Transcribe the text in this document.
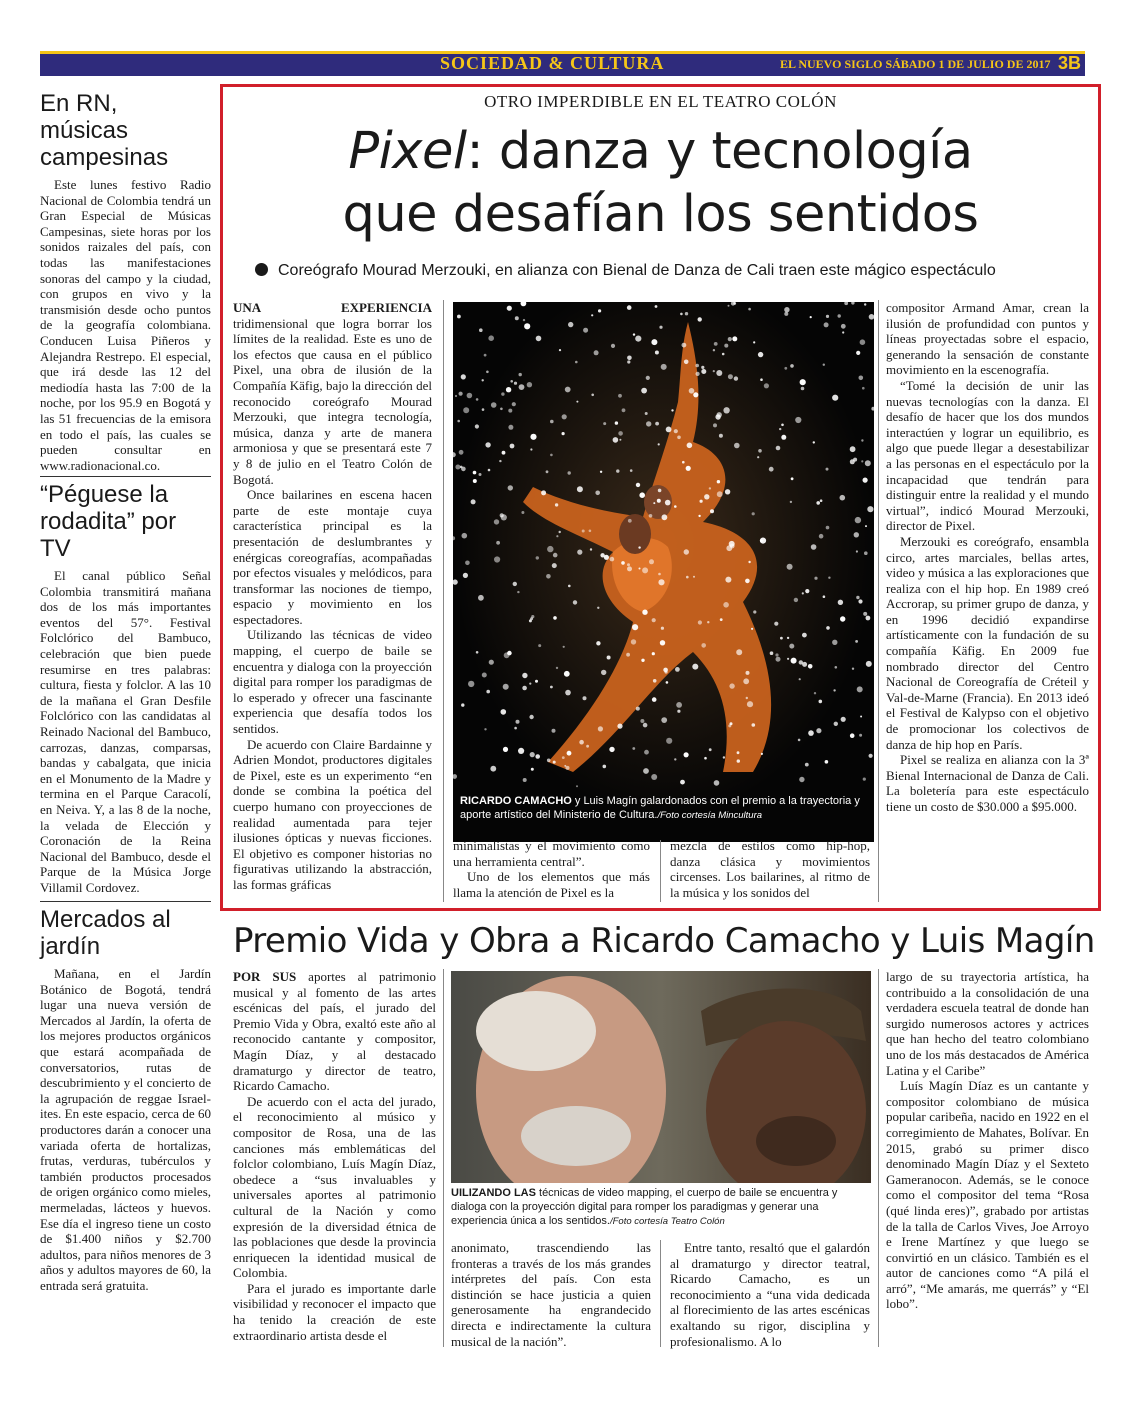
SOCIEDAD & CULTURA	EL NUEVO SIGLO SÁBADO 1 DE JULIO DE 2017 3B
En RN, músicas campesinas

Este lunes festivo Radio Nacional de Colombia tendrá un Gran Especial de Músicas Campesinas, siete horas por los sonidos raizales del país, con todas las manifestaciones sonoras del campo y la ciudad, con grupos en vivo y la transmisión desde ocho puntos de la geografía colombiana. Conducen Luisa Piñeros y Alejandra Restrepo. El especial, que irá desde las 12 del mediodía hasta las 7:00 de la noche, por los 95.9 en Bogotá y las 51 frecuencias de la emisora en todo el país, las cuales se pueden consultar en www.radionacional.co.

“Péguese la rodadita” por TV

El canal público Señal Colombia transmitirá mañana dos de los más importantes eventos del 57°. Festival Folclórico del Bambuco, celebración que bien puede resumirse en tres palabras: cultura, fiesta y folclor. A las 10 de la mañana el Gran Desfile Folclórico con las candidatas al Reinado Nacional del Bambuco, carrozas, danzas, comparsas, bandas y cabalgata, que inicia en el Monumento de la Madre y termina en el Parque Caracolí, en Neiva. Y, a las 8 de la noche, la velada de Elección y Coronación de la Reina Nacional del Bambuco, desde el Parque de la Música Jorge Villamil Cordovez.

Mercados al jardín

Mañana, en el Jardín Botánico de Bogotá, tendrá lugar una nueva versión de Mercados al Jardín, la oferta de los mejores productos orgánicos que estará acompañada de conversatorios, rutas de descubrimiento y el concierto de la agrupación de reggae Israel-ites. En este espacio, cerca de 60 productores darán a conocer una variada oferta de hortalizas, frutas, verduras, tubérculos y también productos procesados de origen orgánico como mieles, mermeladas, lácteos y huevos. Ese día el ingreso tiene un costo de $1.400 niños y $2.700 adultos, para niños menores de 3 años y adultos mayores de 60, la entrada será gratuita.

OTRO IMPERDIBLE EN EL TEATRO COLÓN
Pixel: danza y tecnología
que desafían los sentidos
Coreógrafo Mourad Merzouki, en alianza con Bienal de Danza de Cali traen este mágico espectáculo

UNA EXPERIENCIA tridimensional que logra borrar los límites de la realidad. Este es uno de los efectos que causa en el público Pixel, una obra de ilusión de la Compañía Käfig, bajo la dirección del reconocido coreógrafo Mourad Merzouki, que integra tecnología, música, danza y arte de manera armoniosa y que se presentará este 7 y 8 de julio en el Teatro Colón de Bogotá.

Once bailarines en escena hacen parte de este montaje cuya característica principal es la presentación de deslumbrantes y enérgicas coreografías, acompañadas por efectos visuales y melódicos, para transformar las nociones de tiempo, espacio y movimiento en los espectadores.

Utilizando las técnicas de video mapping, el cuerpo de baile se encuentra y dialoga con la proyección digital para romper los paradigmas de lo esperado y ofrecer una fascinante experiencia que desafía todos los sentidos.

De acuerdo con Claire Bardainne y Adrien Mondot, productores digitales de Pixel, este es un experimento “en donde se combina la poética del cuerpo humano con proyecciones de realidad aumentada para tejer ilusiones ópticas y nuevas ficciones. El objetivo es componer historias no figurativas utilizando la abstracción, las formas gráficas

RICARDO CAMACHO y Luis Magín galardonados con el premio a la trayectoria y aporte artístico del Ministerio de Cultura./Foto cortesía Mincultura

minimalistas y el movimiento como una herramienta central”.

Uno de los elementos que más llama la atención de Pixel es la

mezcla de estilos como hip-hop, danza clásica y movimientos circenses. Los bailarines, al ritmo de la música y los sonidos del

compositor Armand Amar, crean la ilusión de profundidad con puntos y líneas proyectadas sobre el espacio, generando la sensación de constante movimiento en la escenografía.

“Tomé la decisión de unir las nuevas tecnologías con la danza. El desafío de hacer que los dos mundos interactúen y lograr un equilibrio, es algo que puede llegar a desestabilizar a las personas en el espectáculo por la incapacidad que tendrán para distinguir entre la realidad y el mundo virtual”, indicó Mourad Merzouki, director de Pixel.

Merzouki es coreógrafo, ensambla circo, artes marciales, bellas artes, video y música a las exploraciones que realiza con el hip hop. En 1989 creó Accrorap, su primer grupo de danza, y en 1996 decidió expandirse artísticamente con la fundación de su compañía Käfig. En 2009 fue nombrado director del Centro Nacional de Coreografía de Créteil y Val-de-Marne (Francia). En 2013 ideó el Festival de Kalypso con el objetivo de promocionar los colectivos de danza de hip hop en París.

Pixel se realiza en alianza con la 3ª Bienal Internacional de Danza de Cali. La boletería para este espectáculo tiene un costo de $30.000 a $95.000.

Premio Vida y Obra a Ricardo Camacho y Luis Magín

POR SUS aportes al patrimonio musical y al fomento de las artes escénicas del país, el jurado del Premio Vida y Obra, exaltó este año al reconocido cantante y compositor, Magín Díaz, y al destacado dramaturgo y director de teatro, Ricardo Camacho.

De acuerdo con el acta del jurado, el reconocimiento al músico y compositor de Rosa, una de las canciones más emblemáticas del folclor colombiano, Luís Magín Díaz, obedece a “sus invaluables y universales aportes al patrimonio cultural de la Nación y como expresión de la diversidad étnica de las poblaciones que desde la provincia enriquecen la identidad musical de Colombia.

Para el jurado es importante darle visibilidad y reconocer el impacto que ha tenido la creación de este extraordinario artista desde el

UILIZANDO LAS técnicas de video mapping, el cuerpo de baile se encuentra y dialoga con la proyección digital para romper los paradigmas y generar una experiencia única a los sentidos./Foto cortesía Teatro Colón

anonimato, trascendiendo las fronteras a través de los más grandes intérpretes del país. Con esta distinción se hace justicia a quien generosamente ha engrandecido directa e indirectamente la cultura musical de la nación”.

Entre tanto, resaltó que el galardón al dramaturgo y director teatral, Ricardo Camacho, es un reconocimiento a “una vida dedicada al florecimiento de las artes escénicas exaltando su rigor, disciplina y profesionalismo. A lo

largo de su trayectoria artística, ha contribuido a la consolidación de una verdadera escuela teatral de donde han surgido numerosos actores y actrices que han hecho del teatro colombiano uno de los más destacados de América Latina y el Caribe”

Luís Magín Díaz es un cantante y compositor colombiano de música popular caribeña, nacido en 1922 en el corregimiento de Mahates, Bolívar. En 2015, grabó su primer disco denominado Magín Díaz y el Sexteto Gameranocon. Además, se le conoce como el compositor del tema “Rosa (qué linda eres)”, grabado por artistas de la talla de Carlos Vives, Joe Arroyo e Irene Martínez y que luego se convirtió en un clásico. También es el autor de canciones como “A pilá el arró”, “Me amarás, me querrás” y “El lobo”.
